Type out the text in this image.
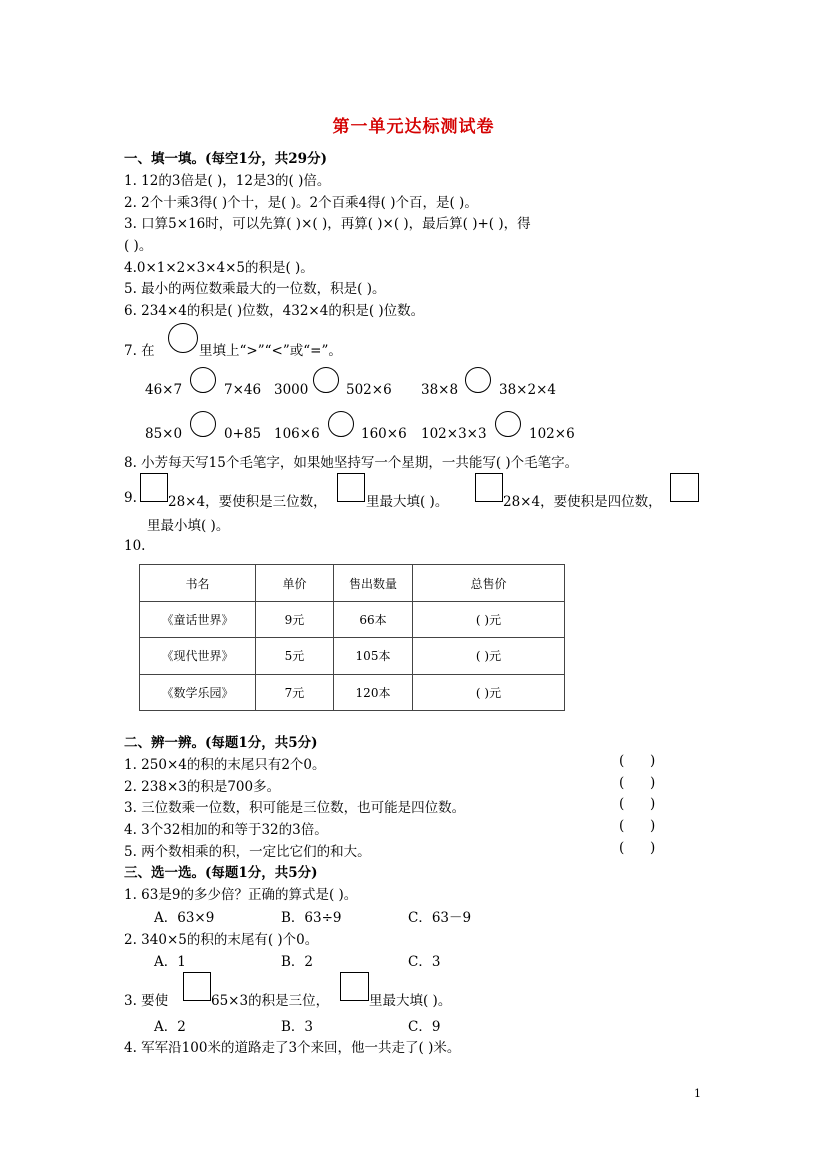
第一单元达标测试卷
一、填一填。(每空1分，共29分)
1. 12的3倍是( )，12是3的( )倍。
2. 2个十乘3得( )个十，是( )。2个百乘4得( )个百，是( )。
3. 口算5×16时，可以先算( )×( )，再算( )×( )，最后算( )+( )，得
( )。
4.0×1×2×3×4×5的积是( )。
5. 最小的两位数乘最大的一位数，积是( )。
6. 234×4的积是( )位数，432×4的积是( )位数。
7. 在	里填上“>”“<”或“=”。
46×7	7×46 3000	502×6 38×8	38×2×4
85×0	0+85 106×6	160×6 102×3×3	102×6
8. 小芳每天写15个毛笔字，如果她坚持写一个星期，一共能写( )个毛笔字。
9. 28×4，要使积是三位数，	里最大填( )。	28×4，要使积是四位数，
里最小填( )。
10.
书名	单价	售出数量	总售价
《童话世界》	9元	66本	( )元
《现代世界》	5元	105本	( )元
《数学乐园》	7元	120本	( )元
二、辨一辨。(每题1分，共5分)
1. 250×4的积的末尾只有2个0。	(      )
2. 238×3的积是700多。	(      )
3. 三位数乘一位数，积可能是三位数，也可能是四位数。	(      )
4. 3个32相加的和等于32的3倍。	(      )
5. 两个数相乘的积，一定比它们的和大。	(      )
三、选一选。(每题1分，共5分)
1. 63是9的多少倍？正确的算式是( )。
A．63×9	B．63÷9	C．63－9
2. 340×5的积的末尾有( )个0。
A．1	B．2	C．3
3. 要使	65×3的积是三位，	里最大填( )。
A．2	B．3	C．9
4. 军军沿100米的道路走了3个来回，他一共走了( )米。
1
